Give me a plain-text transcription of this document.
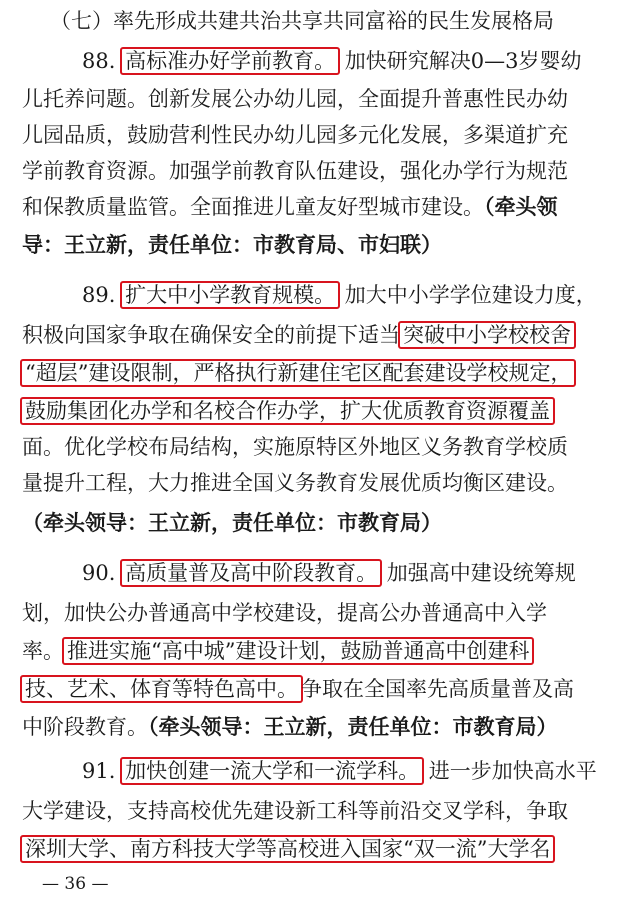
（七）率先形成共建共治共享共同富裕的民生发展格局
88. 高标准办好学前教育。 加快研究解决0—3岁婴幼
儿托养问题。创新发展公办幼儿园，全面提升普惠性民办幼
儿园品质，鼓励营利性民办幼儿园多元化发展，多渠道扩充
学前教育资源。加强学前教育队伍建设，强化办学行为规范
和保教质量监管。全面推进儿童友好型城市建设。（牵头领
导：王立新，责任单位：市教育局、市妇联）
89. 扩大中小学教育规模。 加大中小学学位建设力度，
积极向国家争取在确保安全的前提下适当 突破中小学校校舍
“超层”建设限制，严格执行新建住宅区配套建设学校规定，
鼓励集团化办学和名校合作办学，扩大优质教育资源覆盖
面。优化学校布局结构，实施原特区外地区义务教育学校质
量提升工程，大力推进全国义务教育发展优质均衡区建设。
（牵头领导：王立新，责任单位：市教育局）
90. 高质量普及高中阶段教育。 加强高中建设统筹规
划，加快公办普通高中学校建设，提高公办普通高中入学
率。 推进实施“高中城”建设计划，鼓励普通高中创建科
技、艺术、体育等特色高中。 争取在全国率先高质量普及高
中阶段教育。（牵头领导：王立新，责任单位：市教育局）
91. 加快创建一流大学和一流学科。 进一步加快高水平
大学建设，支持高校优先建设新工科等前沿交叉学科，争取
深圳大学、南方科技大学等高校进入国家“双一流”大学名
— 36 —
